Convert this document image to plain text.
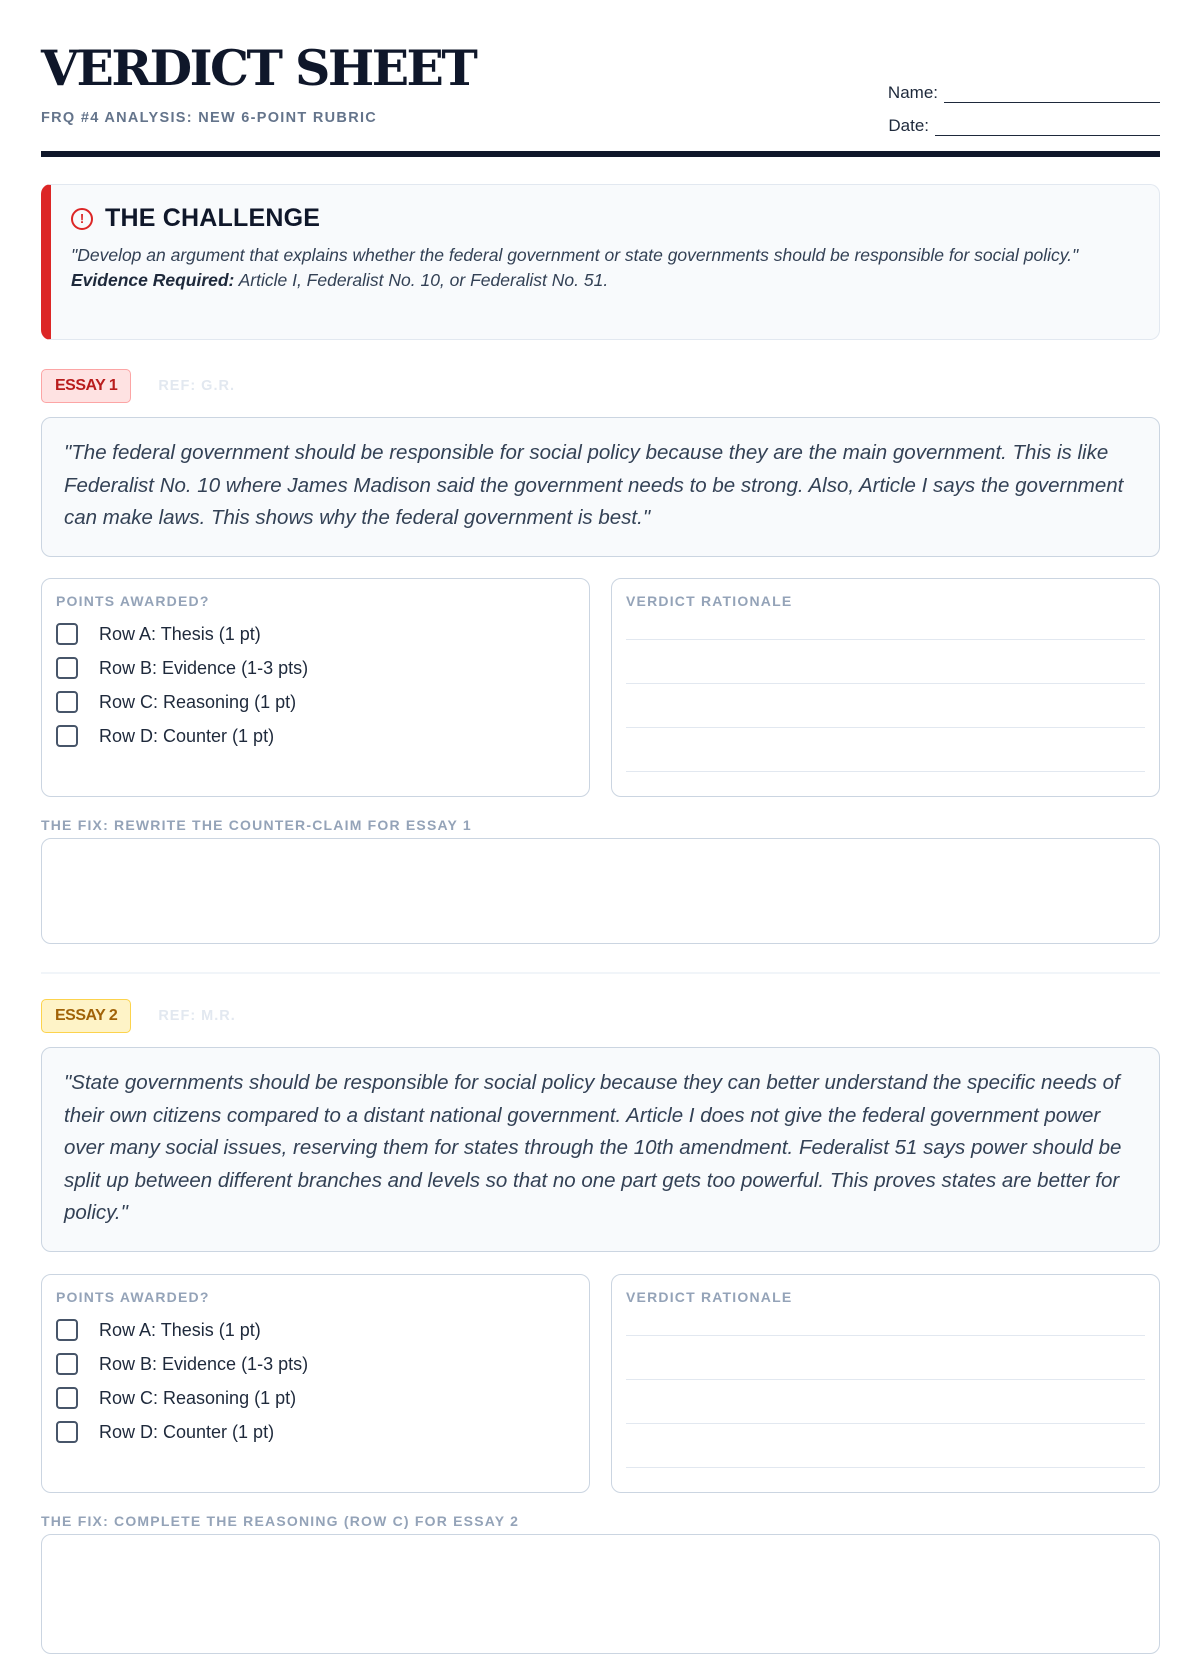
VERDICT SHEET

FRQ #4 ANALYSIS: NEW 6-POINT RUBRIC

Name:
Date:
! THE CHALLENGE
"Develop an argument that explains whether the federal government or state governments should be responsible for social policy."
Evidence Required: Article I, Federalist No. 10, or Federalist No. 51.
ESSAY 1	REF: G.R.
"The federal government should be responsible for social policy because they are the main government. This is like Federalist No. 10 where James Madison said the government needs to be strong. Also, Article I says the government can make laws. This shows why the federal government is best."

POINTS AWARDED?

Row A: Thesis (1 pt)
Row B: Evidence (1-3 pts)
Row C: Reasoning (1 pt)
Row D: Counter (1 pt)

VERDICT RATIONALE

THE FIX: REWRITE THE COUNTER-CLAIM FOR ESSAY 1

ESSAY 2	REF: M.R.
"State governments should be responsible for social policy because they can better understand the specific needs of their own citizens compared to a distant national government. Article I does not give the federal government power over many social issues, reserving them for states through the 10th amendment. Federalist 51 says power should be split up between different branches and levels so that no one part gets too powerful. This proves states are better for policy."

POINTS AWARDED?

Row A: Thesis (1 pt)
Row B: Evidence (1-3 pts)
Row C: Reasoning (1 pt)
Row D: Counter (1 pt)

VERDICT RATIONALE

THE FIX: COMPLETE THE REASONING (ROW C) FOR ESSAY 2
